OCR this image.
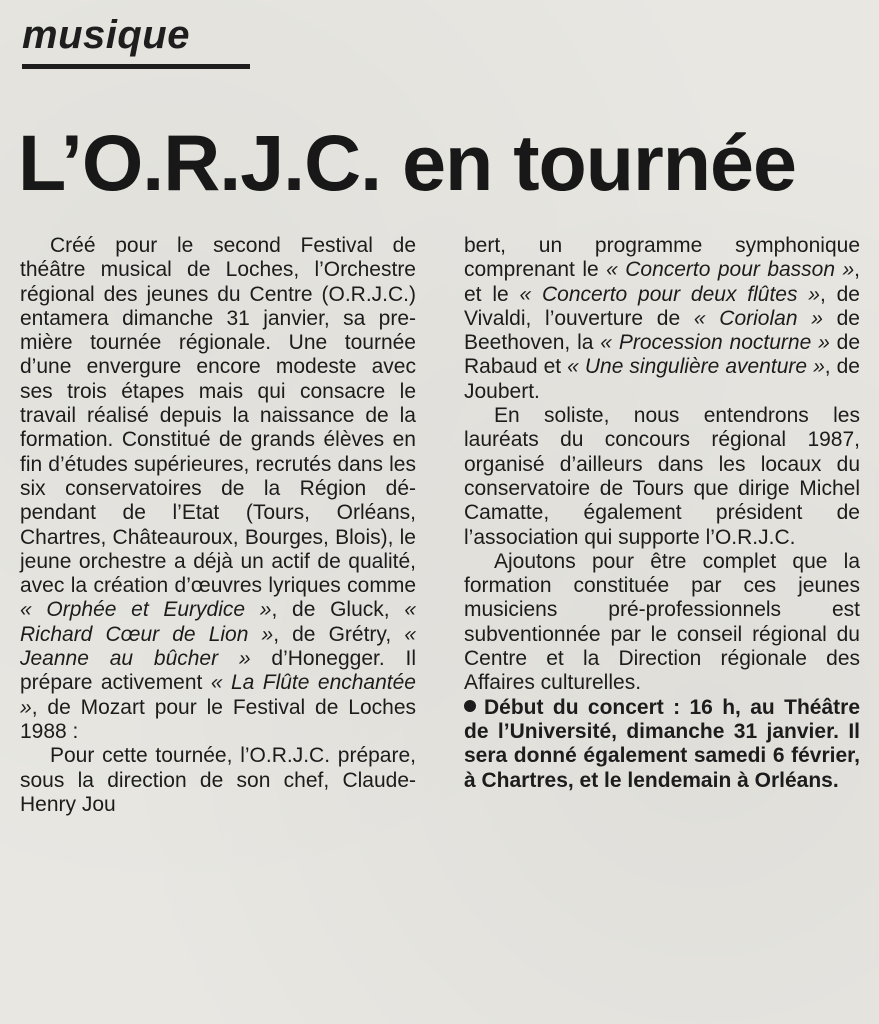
musique
L’O.R.J.C. en tournée

Créé pour le second Festival de théâtre musical de Loches, l’Orchestre régional des jeunes du Centre (O.R.J.C.) entamera dimanche 31 janvier, sa première tournée régionale. Une tournée d’une envergure encore modeste avec ses trois étapes mais qui consacre le travail réalisé depuis la naissance de la formation. Constitué de grands élèves en fin d’études supérieures, recrutés dans les six conservatoires de la Région dépendant de l’Etat (Tours, Orléans, Chartres, Châteauroux, Bourges, Blois), le jeune orchestre a déjà un actif de qualité, avec la création d’œuvres lyriques comme « Orphée et Eurydice », de Gluck, « Richard Cœur de Lion », de Grétry, « Jeanne au bûcher » d’Honegger. Il prépare activement « La Flûte enchantée », de Mozart pour le Festival de Loches 1988 :

Pour cette tournée, l’O.R.J.C. prépare, sous la direction de son chef, Claude-Henry Jou

bert, un programme symphonique comprenant le « Concerto pour basson », et le « Concerto pour deux flûtes », de Vivaldi, l’ouverture de « Coriolan » de Beethoven, la « Procession nocturne » de Rabaud et « Une singulière aventure », de Joubert.

En soliste, nous entendrons les lauréats du concours régional 1987, organisé d’ailleurs dans les locaux du conservatoire de Tours que dirige Michel Camatte, également président de l’association qui supporte l’O.R.J.C.

Ajoutons pour être complet que la formation constituée par ces jeunes musiciens pré-professionnels est subventionnée par le conseil régional du Centre et la Direction régionale des Affaires culturelles.

Début du concert : 16 h, au Théâtre de l’Université, dimanche 31 janvier. Il sera donné également samedi 6 février, à Chartres, et le lendemain à Orléans.
